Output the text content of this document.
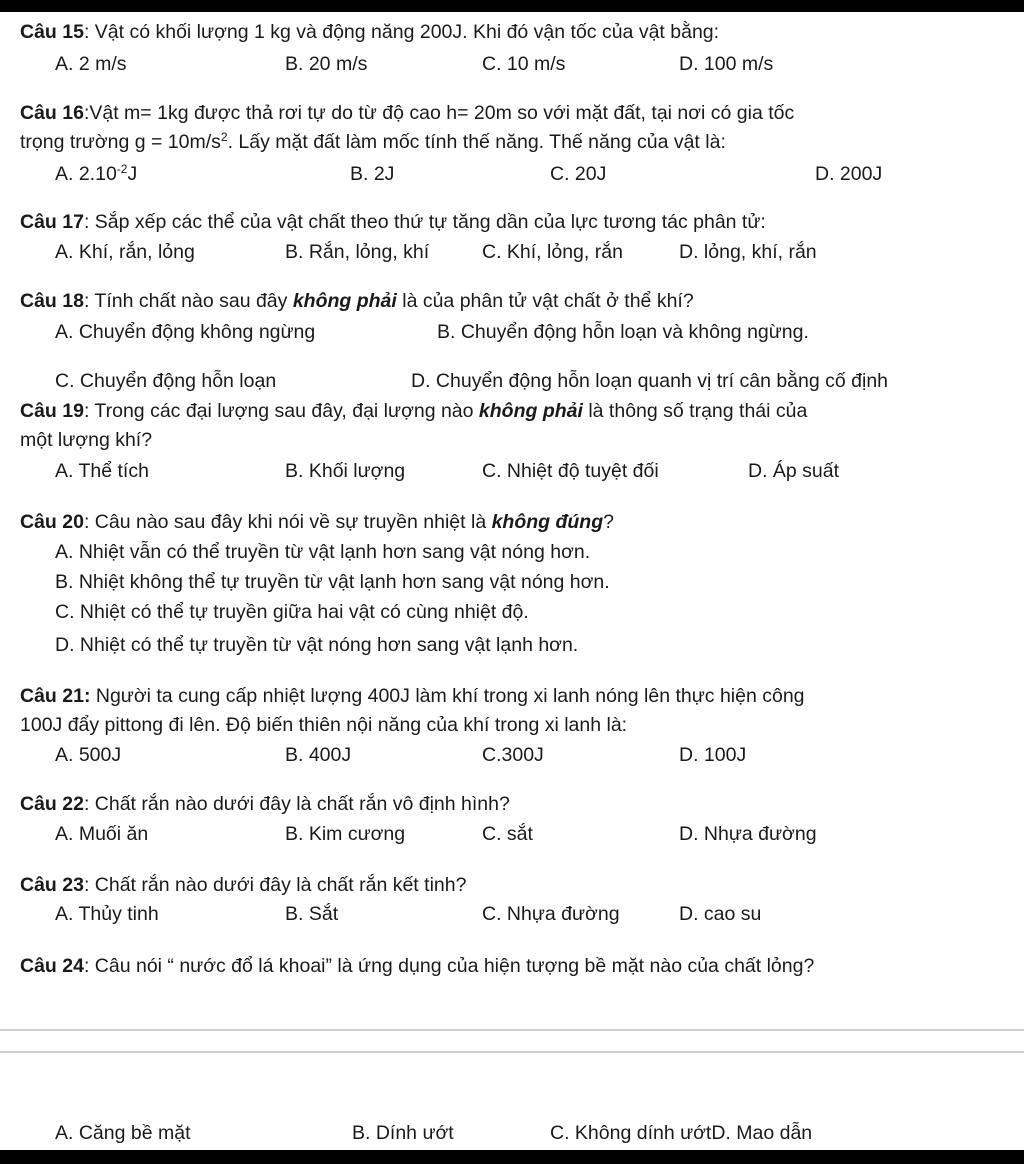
Câu 15: Vật có khối lượng 1 kg và động năng 200J. Khi đó vận tốc của vật bằng:
A. 2 m/s	B. 20 m/s	C. 10 m/s	D. 100 m/s
Câu 16:Vật m= 1kg được thả rơi tự do từ độ cao h= 20m so với mặt đất, tại nơi có gia tốc
trọng trường $g = 10m/s^2$. Lấy mặt đất làm mốc tính thế năng. Thế năng của vật là:
A. $2.10^{-2}J$	B. 2J	C. 20J	D. 200J
Câu 17: Sắp xếp các thể của vật chất theo thứ tự tăng dần của lực tương tác phân tử:
A. Khí, rắn, lỏng	B. Rắn, lỏng, khí	C. Khí, lỏng, rắn	D. lỏng, khí, rắn
Câu 18: Tính chất nào sau đây không phải là của phân tử vật chất ở thể khí?
A. Chuyển động không ngừng	B. Chuyển động hỗn loạn và không ngừng.
C. Chuyển động hỗn loạn	D. Chuyển động hỗn loạn quanh vị trí cân bằng cố định
Câu 19: Trong các đại lượng sau đây, đại lượng nào không phải là thông số trạng thái của
một lượng khí?
A. Thể tích	B. Khối lượng	C. Nhiệt độ tuyệt đối	D. Áp suất
Câu 20: Câu nào sau đây khi nói về sự truyền nhiệt là không đúng?
A. Nhiệt vẫn có thể truyền từ vật lạnh hơn sang vật nóng hơn.
B. Nhiệt không thể tự truyền từ vật lạnh hơn sang vật nóng hơn.
C. Nhiệt có thể tự truyền giữa hai vật có cùng nhiệt độ.
D. Nhiệt có thể tự truyền từ vật nóng hơn sang vật lạnh hơn.
Câu 21: Người ta cung cấp nhiệt lượng 400J làm khí trong xi lanh nóng lên thực hiện công
100J đẩy pittong đi lên. Độ biến thiên nội năng của khí trong xi lanh là:
A. 500J	B. 400J	C.300J	D. 100J
Câu 22: Chất rắn nào dưới đây là chất rắn vô định hình?
A. Muối ăn	B. Kim cương	C. sắt	D. Nhựa đường
Câu 23: Chất rắn nào dưới đây là chất rắn kết tinh?
A. Thủy tinh	B. Sắt	C. Nhựa đường	D. cao su
Câu 24: Câu nói “ nước đổ lá khoai” là ứng dụng của hiện tượng bề mặt nào của chất lỏng?
A. Căng bề mặt	B. Dính ướt	C. Không dính ướtD. Mao dẫn
